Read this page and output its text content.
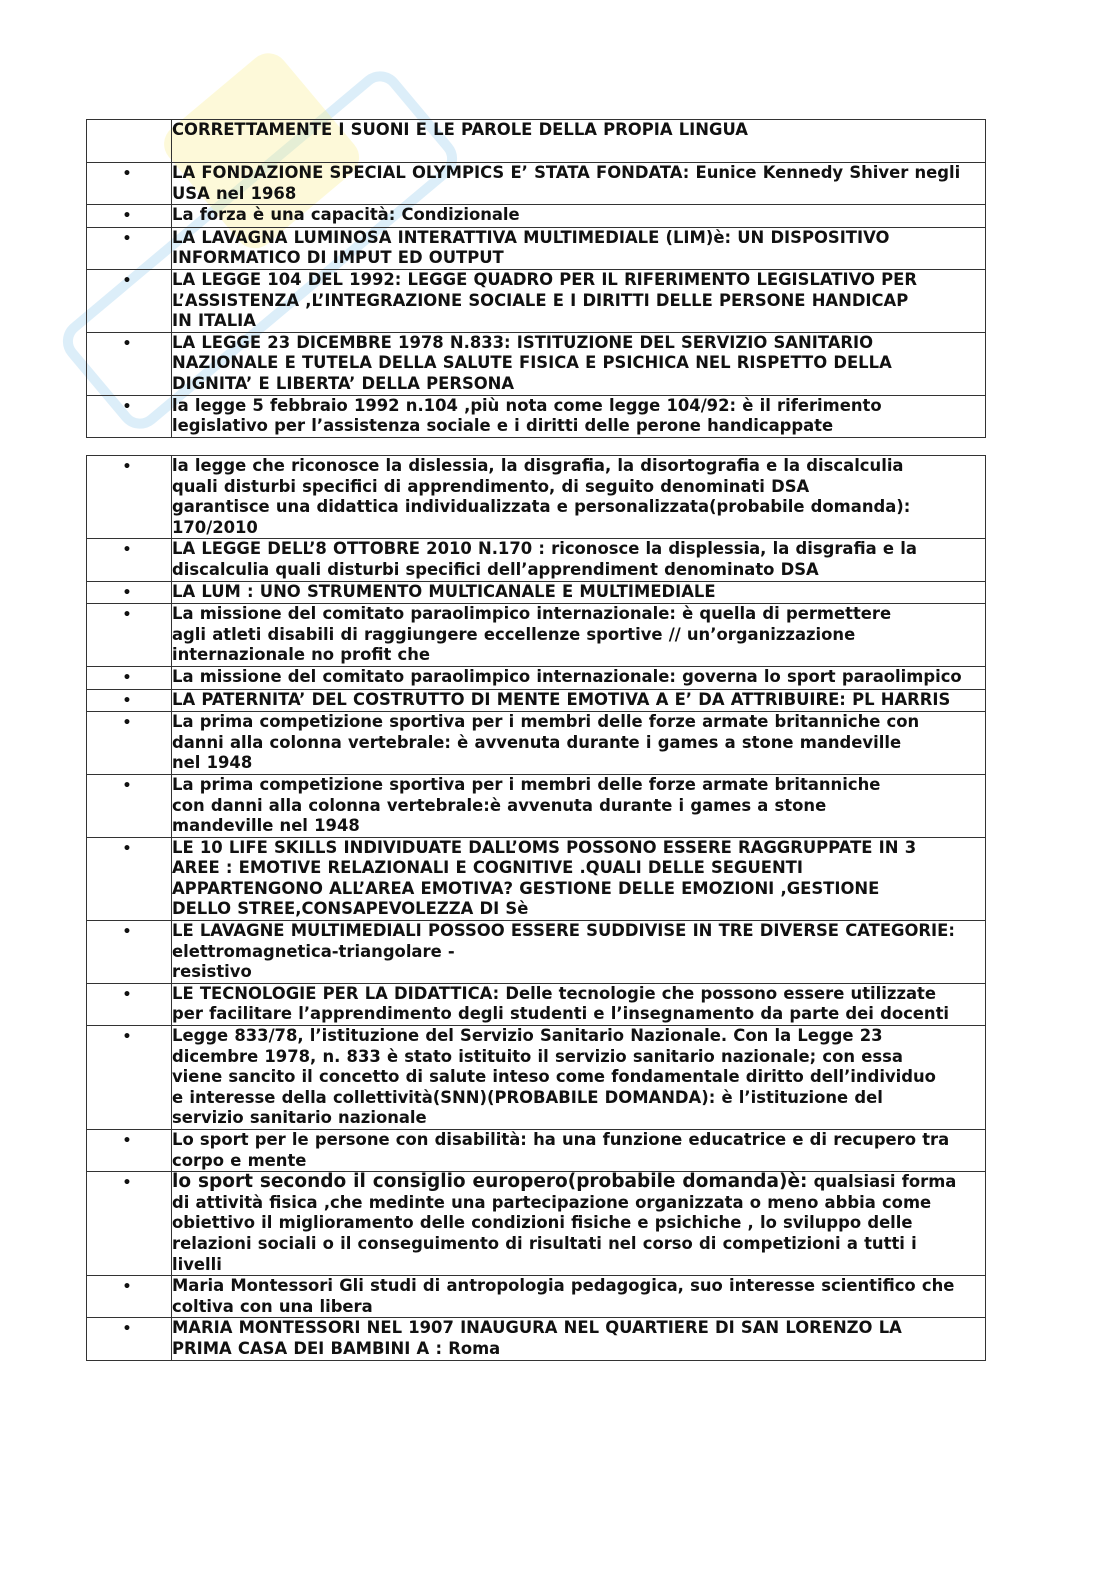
	CORRETTAMENTE I SUONI E LE PAROLE DELLA PROPIA LINGUA

•	LA FONDAZIONE SPECIAL OLYMPICS E’ STATA FONDATA: Eunice Kennedy Shiver negli
USA nel 1968

•	La forza è una capacità: Condizionale

•	LA LAVAGNA LUMINOSA INTERATTIVA MULTIMEDIALE (LIM)è: UN DISPOSITIVO
INFORMATICO DI IMPUT ED OUTPUT

•	LA LEGGE 104 DEL 1992: LEGGE QUADRO PER IL RIFERIMENTO LEGISLATIVO PER
L’ASSISTENZA ,L’INTEGRAZIONE SOCIALE E I DIRITTI DELLE PERSONE HANDICAP
IN ITALIA

•	LA LEGGE 23 DICEMBRE 1978 N.833: ISTITUZIONE DEL SERVIZIO SANITARIO
NAZIONALE E TUTELA DELLA SALUTE FISICA E PSICHICA NEL RISPETTO DELLA
DIGNITA’ E LIBERTA’ DELLA PERSONA

•	la legge 5 febbraio 1992 n.104 ,più nota come legge 104/92: è il riferimento
legislativo per l’assistenza sociale e i diritti delle perone handicappate
•	la legge che riconosce la dislessia, la disgrafia, la disortografia e la discalculia
quali disturbi specifici di apprendimento, di seguito denominati DSA
garantisce una didattica individualizzata e personalizzata(probabile domanda):
170/2010

•	LA LEGGE DELL’8 OTTOBRE 2010 N.170 : riconosce la displessia, la disgrafia e la
discalculia quali disturbi specifici dell’apprendiment denominato DSA

•	LA LUM : UNO STRUMENTO MULTICANALE E MULTIMEDIALE

•	La missione del comitato paraolimpico internazionale: è quella di permettere
agli atleti disabili di raggiungere eccellenze sportive // un’organizzazione
internazionale no profit che

•	La missione del comitato paraolimpico internazionale: governa lo sport paraolimpico

•	LA PATERNITA’ DEL COSTRUTTO DI MENTE EMOTIVA A E’ DA ATTRIBUIRE: PL HARRIS

•	La prima competizione sportiva per i membri delle forze armate britanniche con
danni alla colonna vertebrale: è avvenuta durante i games a stone mandeville
nel 1948

•	La prima competizione sportiva per i membri delle forze armate britanniche
con danni alla colonna vertebrale:è avvenuta durante i games a stone
mandeville nel 1948

•	LE 10 LIFE SKILLS INDIVIDUATE DALL’OMS POSSONO ESSERE RAGGRUPPATE IN 3
AREE : EMOTIVE RELAZIONALI E COGNITIVE .QUALI DELLE SEGUENTI
APPARTENGONO ALL’AREA EMOTIVA? GESTIONE DELLE EMOZIONI ,GESTIONE
DELLO STREE,CONSAPEVOLEZZA DI Sè

•	LE LAVAGNE MULTIMEDIALI POSSOO ESSERE SUDDIVISE IN TRE DIVERSE CATEGORIE:
elettromagnetica-triangolare -
resistivo

•	LE TECNOLOGIE PER LA DIDATTICA: Delle tecnologie che possono essere utilizzate
per facilitare l’apprendimento degli studenti e l’insegnamento da parte dei docenti

•	Legge 833/78, l’istituzione del Servizio Sanitario Nazionale. Con la Legge 23
dicembre 1978, n. 833 è stato istituito il servizio sanitario nazionale; con essa
viene sancito il concetto di salute inteso come fondamentale diritto dell’individuo
e interesse della collettività(SNN)(PROBABILE DOMANDA): è l’istituzione del
servizio sanitario nazionale

•	Lo sport per le persone con disabilità: ha una funzione educatrice e di recupero tra
corpo e mente

•	lo sport secondo il consiglio europero(probabile domanda)è: qualsiasi forma

di attività fisica ,che medinte una partecipazione organizzata o meno abbia come
obiettivo il miglioramento delle condizioni fisiche e psichiche , lo sviluppo delle
relazioni sociali o il conseguimento di risultati nel corso di competizioni a tutti i
livelli

•	Maria Montessori Gli studi di antropologia pedagogica, suo interesse scientifico che
coltiva con una libera

•	MARIA MONTESSORI NEL 1907 INAUGURA NEL QUARTIERE DI SAN LORENZO LA
PRIMA CASA DEI BAMBINI A : Roma
